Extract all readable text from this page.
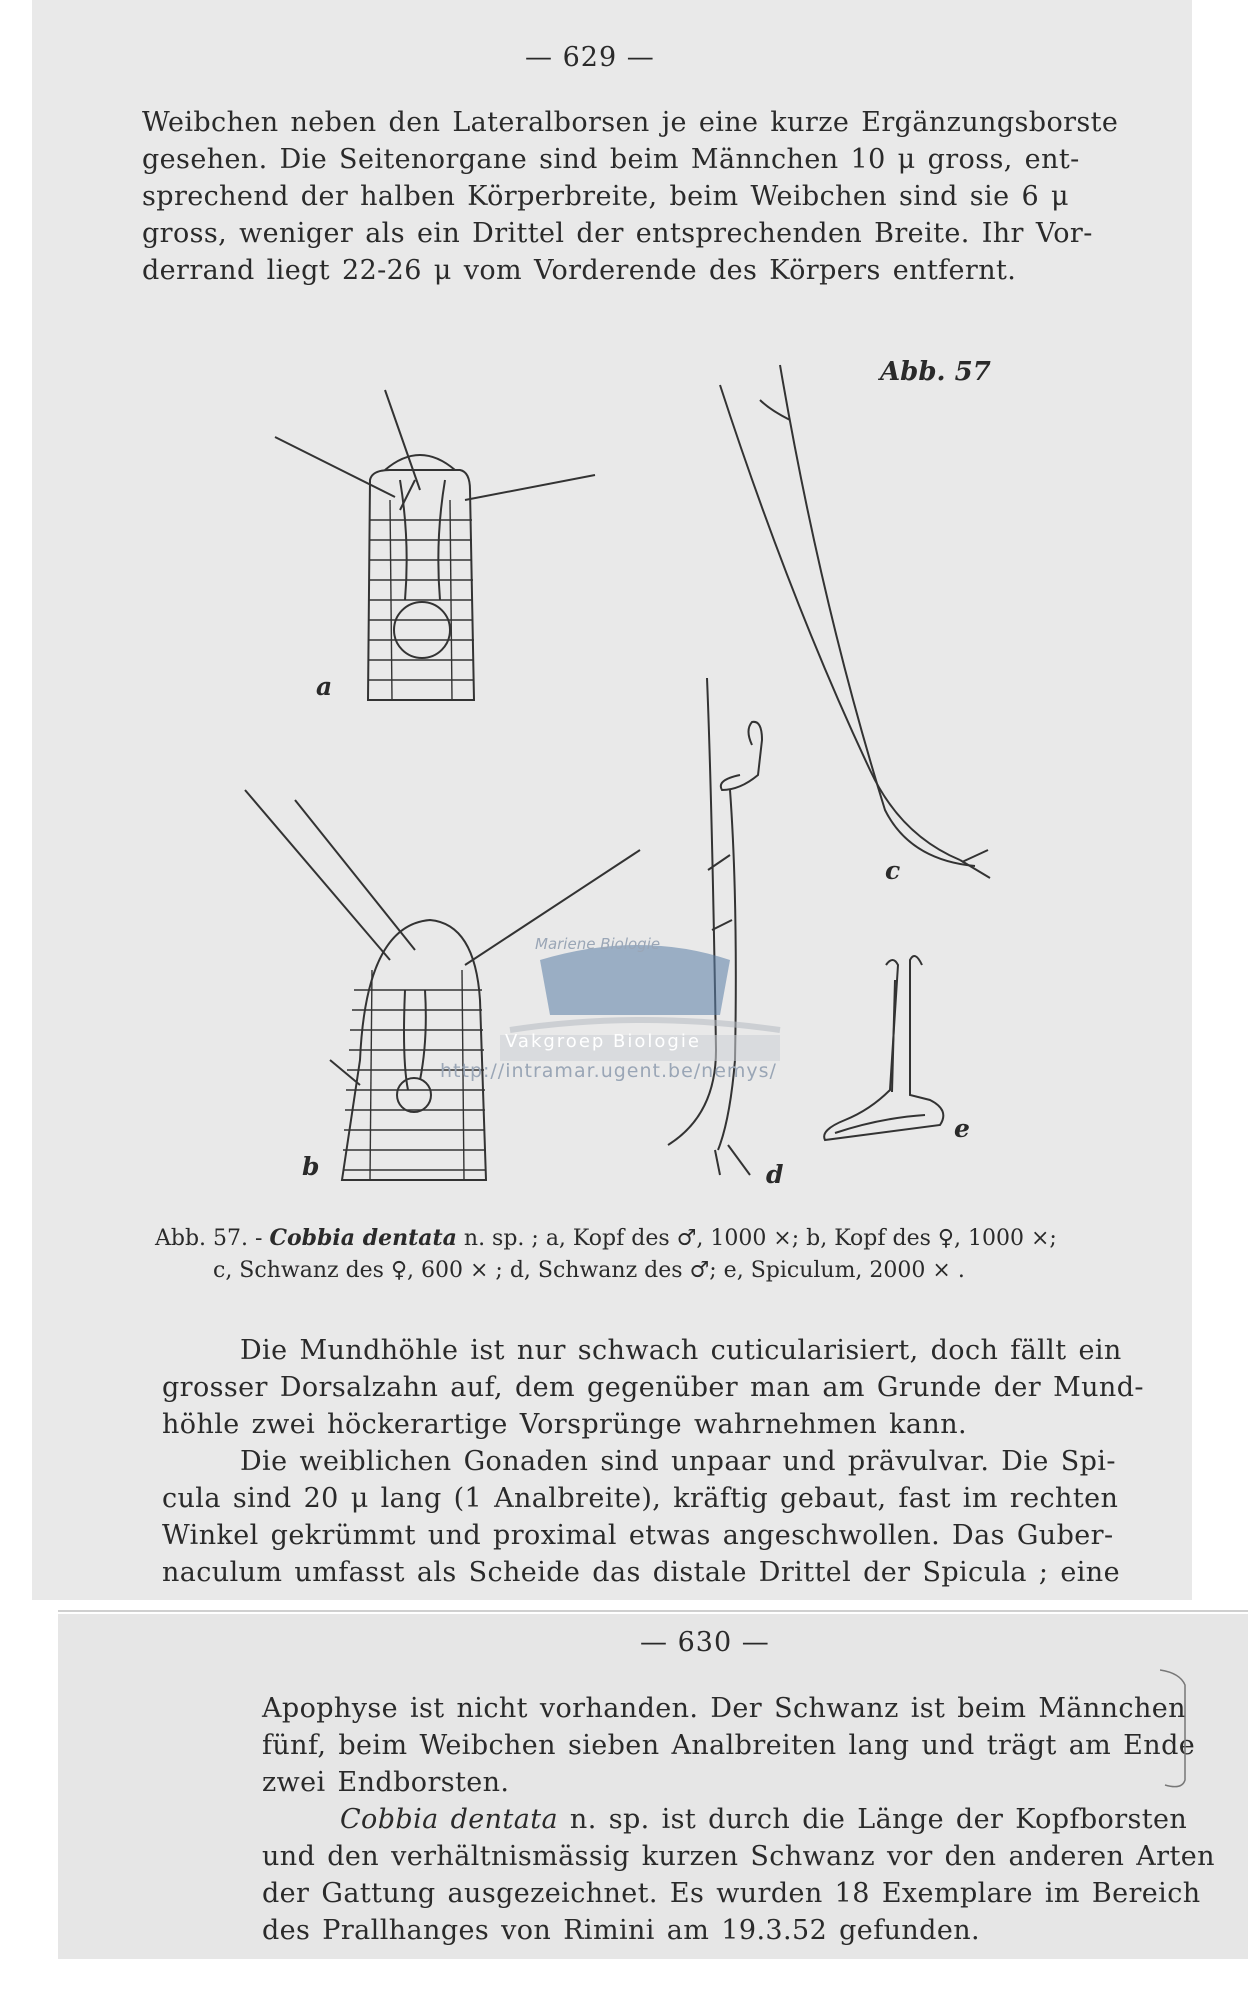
— 629 —
Weibchen neben den Lateralborsen je eine kurze Ergänzungsborste
gesehen. Die Seitenorgane sind beim Männchen 10 μ gross, ent-
sprechend der halben Körperbreite, beim Weibchen sind sie 6 μ
gross, weniger als ein Drittel der entsprechenden Breite. Ihr Vor-
derrand liegt 22-26 μ vom Vorderende des Körpers entfernt.
Abb. 57
Mariene Biologie
Vakgroep Biologie
http://intramar.ugent.be/nemys/
a
b
c
d
e
Abb. 57. - Cobbia dentata n. sp. ; a, Kopf des ♂, 1000 ×; b, Kopf des ♀, 1000 ×;
c, Schwanz des ♀, 600 × ; d, Schwanz des ♂; e, Spiculum, 2000 × .
Die Mundhöhle ist nur schwach cuticularisiert, doch fällt ein
grosser Dorsalzahn auf, dem gegenüber man am Grunde der Mund-
höhle zwei höckerartige Vorsprünge wahrnehmen kann.
Die weiblichen Gonaden sind unpaar und prävulvar. Die Spi-
cula sind 20 μ lang (1 Analbreite), kräftig gebaut, fast im rechten
Winkel gekrümmt und proximal etwas angeschwollen. Das Guber-
naculum umfasst als Scheide das distale Drittel der Spicula ; eine
— 630 —
Apophyse ist nicht vorhanden. Der Schwanz ist beim Männchen
fünf, beim Weibchen sieben Analbreiten lang und trägt am Ende
zwei Endborsten.
Cobbia dentata n. sp. ist durch die Länge der Kopfborsten
und den verhältnismässig kurzen Schwanz vor den anderen Arten
der Gattung ausgezeichnet. Es wurden 18 Exemplare im Bereich
des Prallhanges von Rimini am 19.3.52 gefunden.
